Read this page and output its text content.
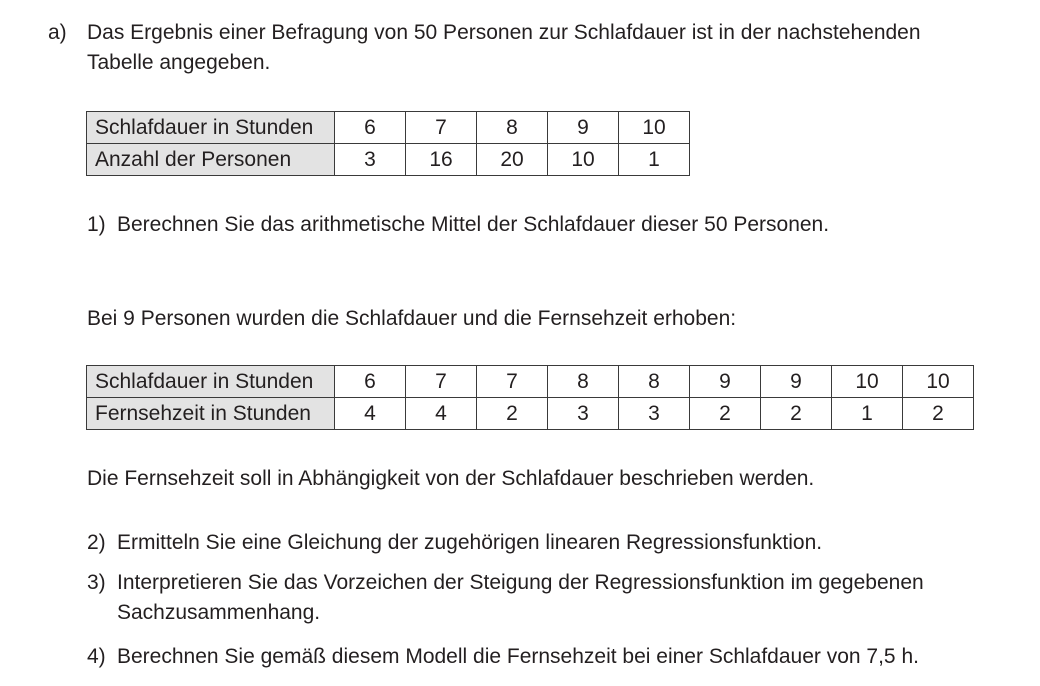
a) Das Ergebnis einer Befragung von 50 Personen zur Schlafdauer ist in der nachstehenden
Tabelle angegeben.
Schlafdauer in Stunden	6	7	8	9	10
Anzahl der Personen	3	16	20	10	1
1) Berechnen Sie das arithmetische Mittel der Schlafdauer dieser 50 Personen.
Bei 9 Personen wurden die Schlafdauer und die Fernsehzeit erhoben:
Schlafdauer in Stunden	6	7	7	8	8	9	9	10	10
Fernsehzeit in Stunden	4	4	2	3	3	2	2	1	2
Die Fernsehzeit soll in Abhängigkeit von der Schlafdauer beschrieben werden.
2) Ermitteln Sie eine Gleichung der zugehörigen linearen Regressionsfunktion.
3) Interpretieren Sie das Vorzeichen der Steigung der Regressionsfunktion im gegebenen
Sachzusammenhang.
4) Berechnen Sie gemäß diesem Modell die Fernsehzeit bei einer Schlafdauer von 7,5 h.
